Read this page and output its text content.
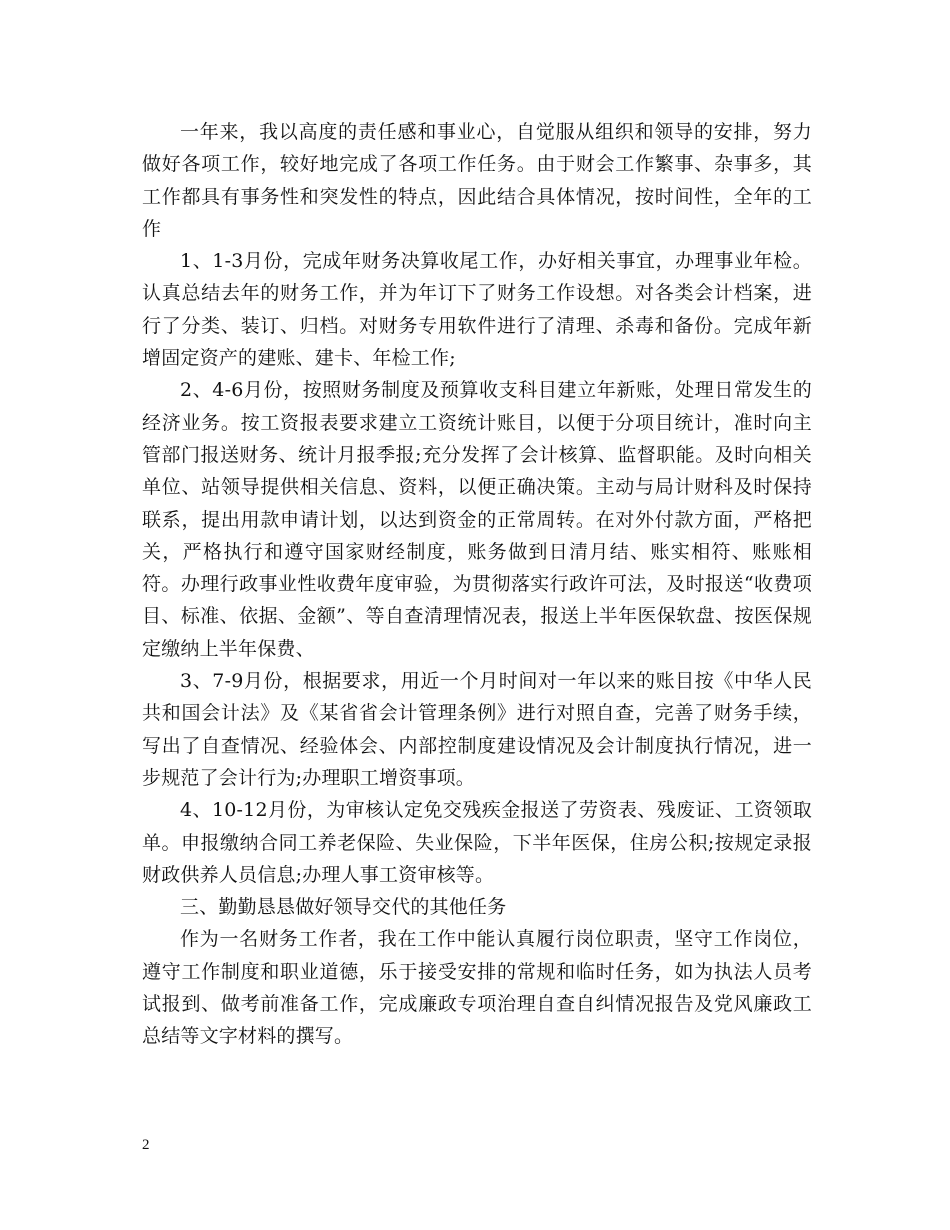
一年来，我以高度的责任感和事业心，自觉服从组织和领导的安排，努力做好各项工作，较好地完成了各项工作任务。由于财会工作繁事、杂事多，其工作都具有事务性和突发性的特点，因此结合具体情况，按时间性，全年的工作

1、1-3月份，完成年财务决算收尾工作，办好相关事宜，办理事业年检。认真总结去年的财务工作，并为年订下了财务工作设想。对各类会计档案，进行了分类、装订、归档。对财务专用软件进行了清理、杀毒和备份。完成年新增固定资产的建账、建卡、年检工作;

2、4-6月份，按照财务制度及预算收支科目建立年新账，处理日常发生的经济业务。按工资报表要求建立工资统计账目，以便于分项目统计，准时向主管部门报送财务、统计月报季报;充分发挥了会计核算、监督职能。及时向相关单位、站领导提供相关信息、资料，以便正确决策。主动与局计财科及时保持联系，提出用款申请计划，以达到资金的正常周转。在对外付款方面，严格把关，严格执行和遵守国家财经制度，账务做到日清月结、账实相符、账账相符。办理行政事业性收费年度审验，为贯彻落实行政许可法，及时报送“收费项目、标准、依据、金额”、等自查清理情况表，报送上半年医保软盘、按医保规定缴纳上半年保费、

3、7-9月份，根据要求，用近一个月时间对一年以来的账目按《中华人民共和国会计法》及《某省省会计管理条例》进行对照自查，完善了财务手续，写出了自查情况、经验体会、内部控制度建设情况及会计制度执行情况，进一步规范了会计行为;办理职工增资事项。

4、10-12月份，为审核认定免交残疾金报送了劳资表、残废证、工资领取单。申报缴纳合同工养老保险、失业保险，下半年医保，住房公积;按规定录报财政供养人员信息;办理人事工资审核等。

三、勤勤恳恳做好领导交代的其他任务

作为一名财务工作者，我在工作中能认真履行岗位职责，坚守工作岗位，遵守工作制度和职业道德，乐于接受安排的常规和临时任务，如为执法人员考试报到、做考前准备工作，完成廉政专项治理自查自纠情况报告及党风廉政工总结等文字材料的撰写。

2
